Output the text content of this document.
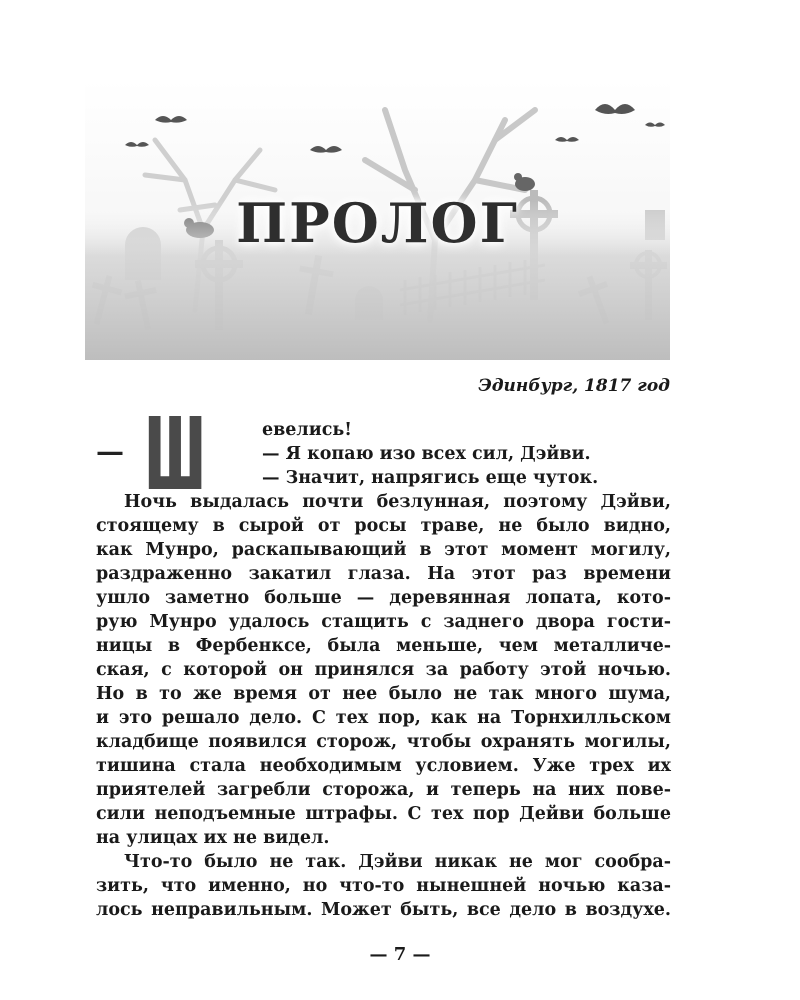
ПРОЛОГ
Эдинбург, 1817 год
— Ш	евелись!
— Я копаю изо всех сил, Дэйви.
— Значит, напрягись еще чуток.
Ночь выдалась почти безлунная, поэтому Дэйви,
стоящему в сырой от росы траве, не было видно,
как Мунро, раскапывающий в этот момент могилу,
раздраженно закатил глаза. На этот раз времени
ушло заметно больше — деревянная лопата, кото-
рую Мунро удалось стащить с заднего двора гости-
ницы в Фербенксе, была меньше, чем металличе-
ская, с которой он принялся за работу этой ночью.
Но в то же время от нее было не так много шума,
и это решало дело. С тех пор, как на Торнхилльском
кладбище появился сторож, чтобы охранять могилы,
тишина стала необходимым условием. Уже трех их
приятелей загребли сторожа, и теперь на них пове-
сили неподъемные штрафы. С тех пор Дейви больше
на улицах их не видел.
Что-то было не так. Дэйви никак не мог сообра-
зить, что именно, но что-то нынешней ночью каза-
лось неправильным. Может быть, все дело в воздухе.
— 7 —
